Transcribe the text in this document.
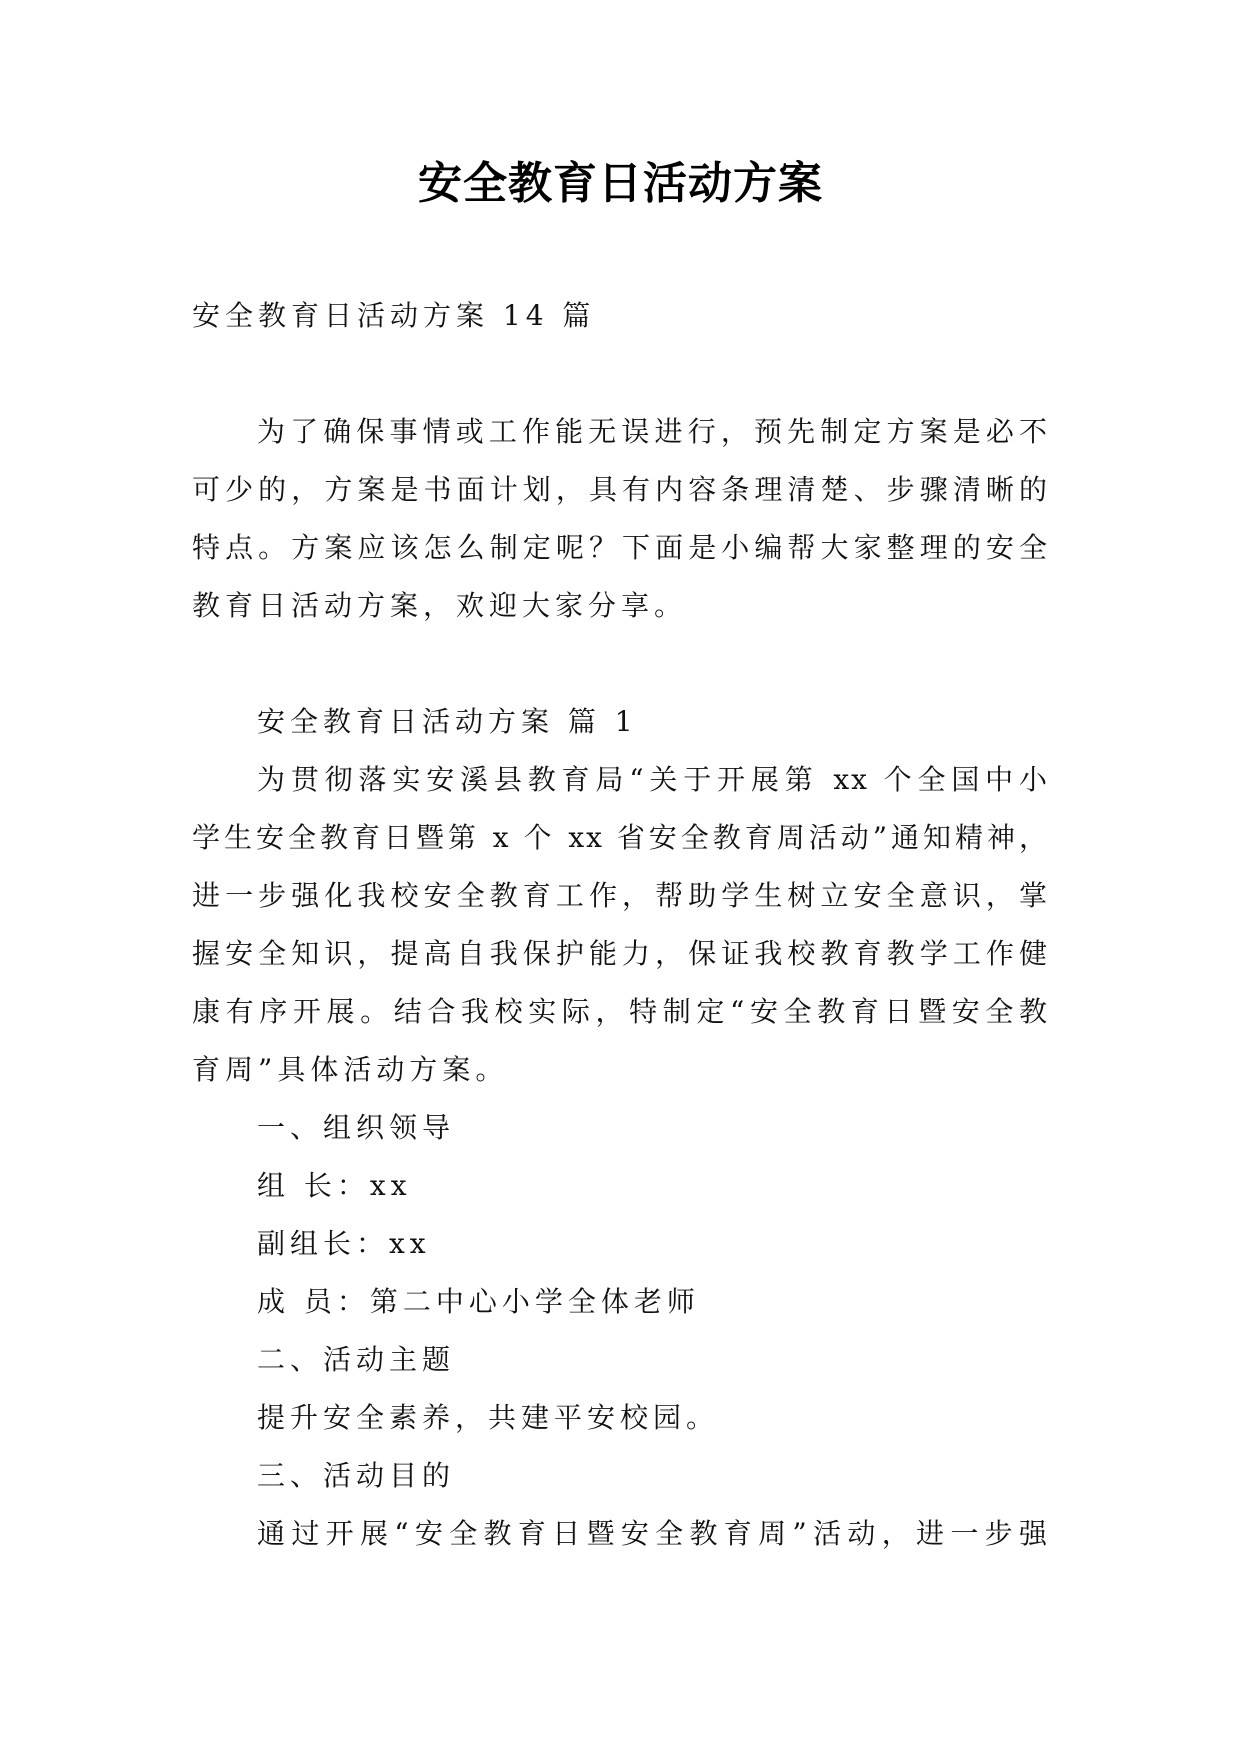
安全教育日活动方案
安全教育日活动方案 14 篇
为了确保事情或工作能无误进行，预先制定方案是必不
可少的，方案是书面计划，具有内容条理清楚、步骤清晰的
特点。方案应该怎么制定呢？下面是小编帮大家整理的安全
教育日活动方案，欢迎大家分享。
安全教育日活动方案 篇 1
为贯彻落实安溪县教育局“关于开展第 xx 个全国中小
学生安全教育日暨第 x 个 xx 省安全教育周活动”通知精神，
进一步强化我校安全教育工作，帮助学生树立安全意识，掌
握安全知识，提高自我保护能力，保证我校教育教学工作健
康有序开展。结合我校实际，特制定“安全教育日暨安全教
育周”具体活动方案。
一、组织领导
组 长：xx
副组长：xx
成 员：第二中心小学全体老师
二、活动主题
提升安全素养，共建平安校园。
三、活动目的
通过开展“安全教育日暨安全教育周”活动，进一步强
